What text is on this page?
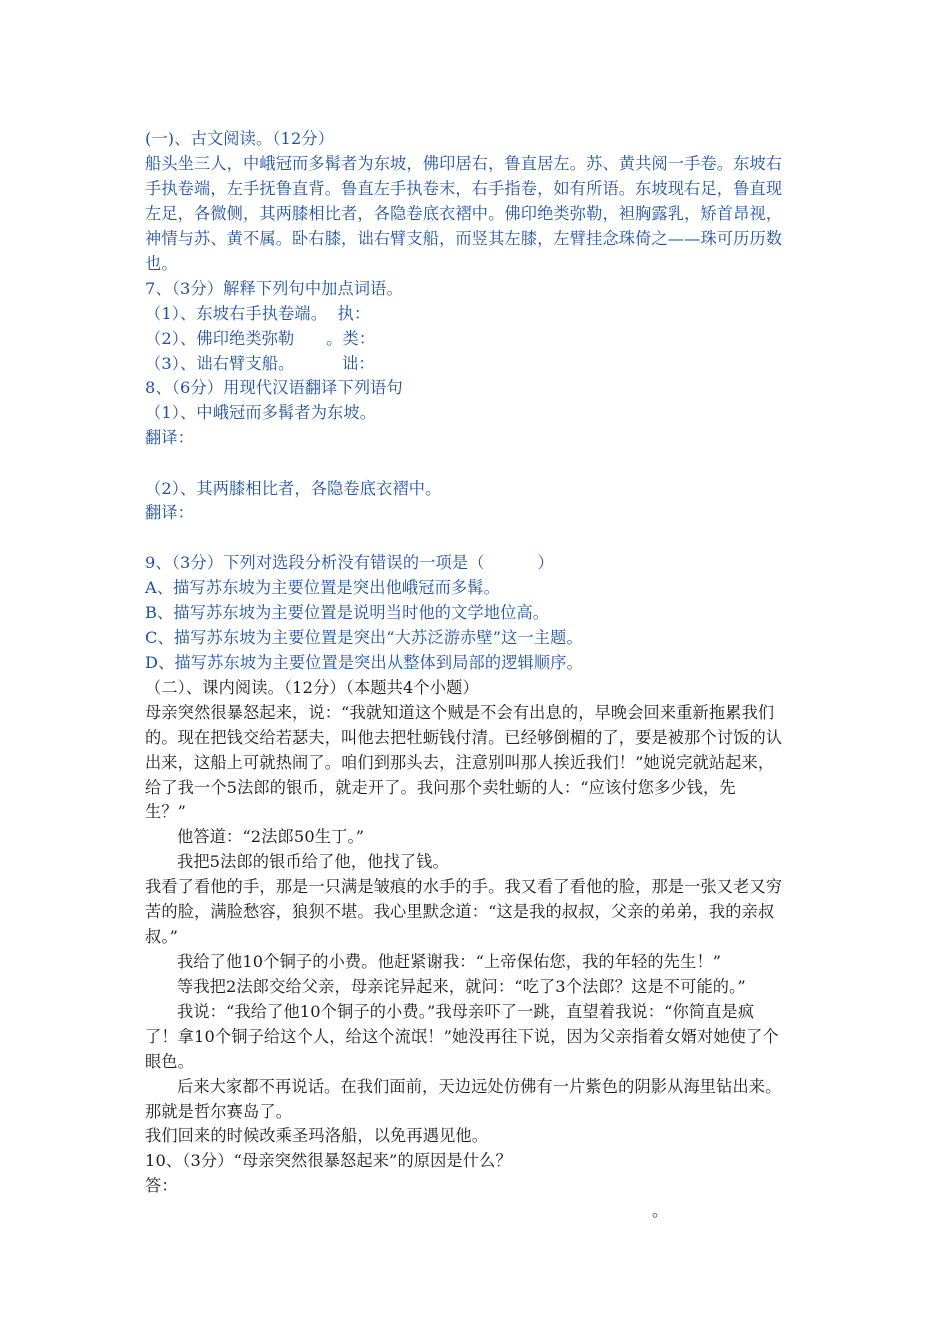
(一)、古文阅读。（12分）
船头坐三人，中峨冠而多髯者为东坡，佛印居右，鲁直居左。苏、黄共阅一手卷。东坡右
手执卷端，左手抚鲁直背。鲁直左手执卷末，右手指卷，如有所语。东坡现右足，鲁直现
左足，各微侧，其两膝相比者，各隐卷底衣褶中。佛印绝类弥勒，袒胸露乳，矫首昂视，
神情与苏、黄不属。卧右膝，诎右臂支船，而竖其左膝，左臂挂念珠倚之——珠可历历数
也。
7、（3分）解释下列句中加点词语。
（1）、东坡右手执卷端。  执：
（2）、佛印绝类弥勒      。类：
（3）、诎右臂支船。         诎：
8、（6分）用现代汉语翻译下列语句
（1）、中峨冠而多髯者为东坡。
翻译：
（2）、其两膝相比者，各隐卷底衣褶中。
翻译：
9、（3分）下列对选段分析没有错误的一项是（          ）
A、描写苏东坡为主要位置是突出他峨冠而多髯。
B、描写苏东坡为主要位置是说明当时他的文学地位高。
C、描写苏东坡为主要位置是突出“大苏泛游赤壁”这一主题。
D、描写苏东坡为主要位置是突出从整体到局部的逻辑顺序。
（二）、课内阅读。（12分）（本题共4个小题）
母亲突然很暴怒起来，说：“我就知道这个贼是不会有出息的，早晚会回来重新拖累我们
的。现在把钱交给若瑟夫，叫他去把牡蛎钱付清。已经够倒楣的了，要是被那个讨饭的认
出来，这船上可就热闹了。咱们到那头去，注意别叫那人挨近我们！”她说完就站起来，
给了我一个5法郎的银币，就走开了。我问那个卖牡蛎的人：“应该付您多少钱，先
生？”
他答道：“2法郎50生丁。”
我把5法郎的银币给了他，他找了钱。
我看了看他的手，那是一只满是皱痕的水手的手。我又看了看他的脸，那是一张又老又穷
苦的脸，满脸愁容，狼狈不堪。我心里默念道：“这是我的叔叔，父亲的弟弟，我的亲叔
叔。”
我给了他10个铜子的小费。他赶紧谢我：“上帝保佑您，我的年轻的先生！”
等我把2法郎交给父亲，母亲诧异起来，就问：“吃了3个法郎？这是不可能的。”
我说：“我给了他10个铜子的小费。”我母亲吓了一跳，直望着我说：“你简直是疯
了！拿10个铜子给这个人，给这个流氓！”她没再往下说，因为父亲指着女婿对她使了个
眼色。
后来大家都不再说话。在我们面前，天边远处仿佛有一片紫色的阴影从海里钻出来。
那就是哲尔赛岛了。
我们回来的时候改乘圣玛洛船，以免再遇见他。
10、（3分）“母亲突然很暴怒起来”的原因是什么？
答：
。
